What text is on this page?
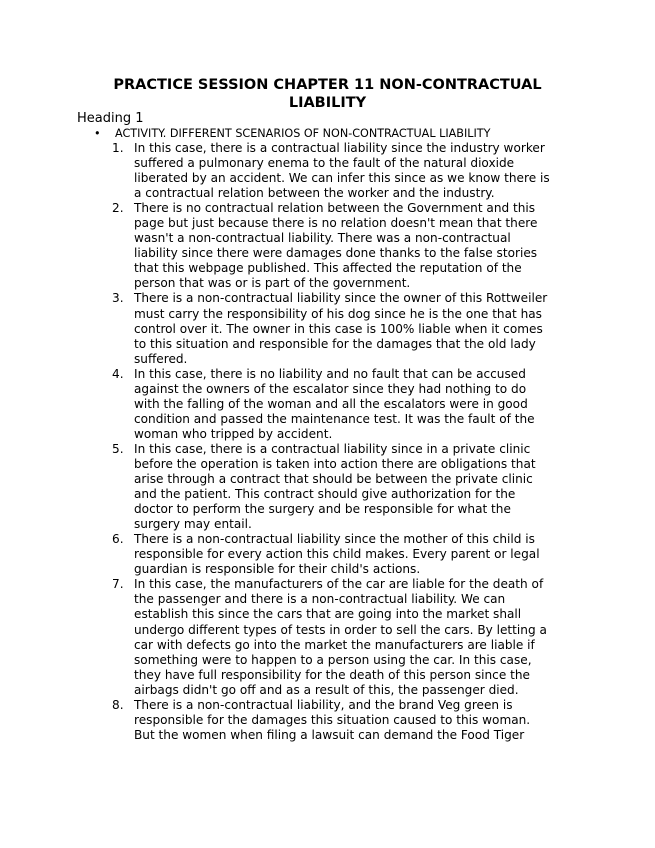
PRACTICE SESSION CHAPTER 11 NON-CONTRACTUAL
LIABILITY

Heading 1

• ACTIVITY. DIFFERENT SCENARIOS OF NON-CONTRACTUAL LIABILITY
1. In this case, there is a contractual liability since the industry worker
suffered a pulmonary enema to the fault of the natural dioxide
liberated by an accident. We can infer this since as we know there is
a contractual relation between the worker and the industry.
2. There is no contractual relation between the Government and this
page but just because there is no relation doesn't mean that there
wasn't a non-contractual liability. There was a non-contractual
liability since there were damages done thanks to the false stories
that this webpage published. This affected the reputation of the
person that was or is part of the government.
3. There is a non-contractual liability since the owner of this Rottweiler
must carry the responsibility of his dog since he is the one that has
control over it. The owner in this case is 100% liable when it comes
to this situation and responsible for the damages that the old lady
suffered.
4. In this case, there is no liability and no fault that can be accused
against the owners of the escalator since they had nothing to do
with the falling of the woman and all the escalators were in good
condition and passed the maintenance test. It was the fault of the
woman who tripped by accident.
5. In this case, there is a contractual liability since in a private clinic
before the operation is taken into action there are obligations that
arise through a contract that should be between the private clinic
and the patient. This contract should give authorization for the
doctor to perform the surgery and be responsible for what the
surgery may entail.
6. There is a non-contractual liability since the mother of this child is
responsible for every action this child makes. Every parent or legal
guardian is responsible for their child's actions.
7. In this case, the manufacturers of the car are liable for the death of
the passenger and there is a non-contractual liability. We can
establish this since the cars that are going into the market shall
undergo different types of tests in order to sell the cars. By letting a
car with defects go into the market the manufacturers are liable if
something were to happen to a person using the car. In this case,
they have full responsibility for the death of this person since the
airbags didn't go off and as a result of this, the passenger died.
8. There is a non-contractual liability, and the brand Veg green is
responsible for the damages this situation caused to this woman.
But the women when filing a lawsuit can demand the Food Tiger
